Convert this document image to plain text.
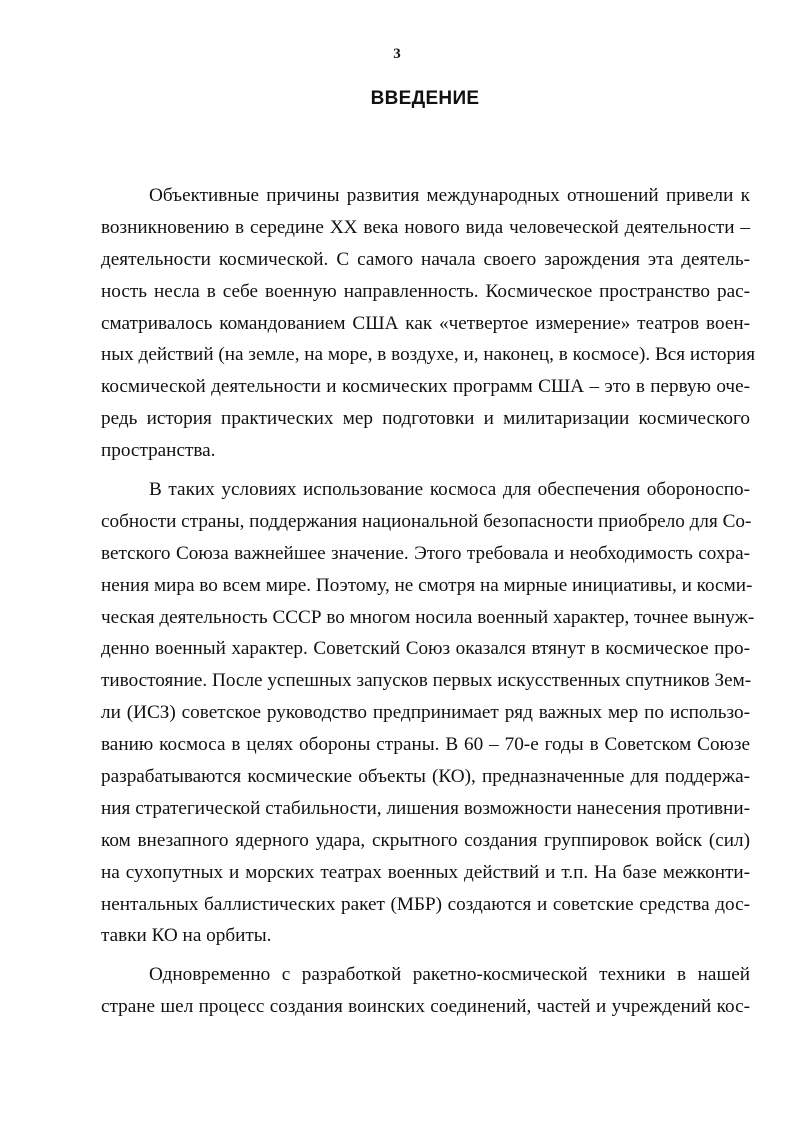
3
ВВЕДЕНИЕ
Объективные причины развития международных отношений привели к
возникновению в середине XX века нового вида человеческой деятельности –
деятельности космической. С самого начала своего зарождения эта деятель-
ность несла в себе военную направленность. Космическое пространство рас-
сматривалось командованием США как «четвертое измерение» театров воен-
ных действий (на земле, на море, в воздухе, и, наконец, в космосе). Вся история
космической деятельности и космических программ США – это в первую оче-
редь история практических мер подготовки и милитаризации космического
пространства.
В таких условиях использование космоса для обеспечения обороноспо-
собности страны, поддержания национальной безопасности приобрело для Со-
ветского Союза важнейшее значение. Этого требовала и необходимость сохра-
нения мира во всем мире. Поэтому, не смотря на мирные инициативы, и косми-
ческая деятельность СССР во многом носила военный характер, точнее вынуж-
денно военный характер. Советский Союз оказался втянут в космическое про-
тивостояние. После успешных запусков первых искусственных спутников Зем-
ли (ИСЗ) советское руководство предпринимает ряд важных мер по использо-
ванию космоса в целях обороны страны. В 60 – 70-е годы в Советском Союзе
разрабатываются космические объекты (КО), предназначенные для поддержа-
ния стратегической стабильности, лишения возможности нанесения противни-
ком внезапного ядерного удара, скрытного создания группировок войск (сил)
на сухопутных и морских театрах военных действий и т.п. На базе межконти-
нентальных баллистических ракет (МБР) создаются и советские средства дос-
тавки КО на орбиты.
Одновременно с разработкой ракетно-космической техники в нашей
стране шел процесс создания воинских соединений, частей и учреждений кос-
